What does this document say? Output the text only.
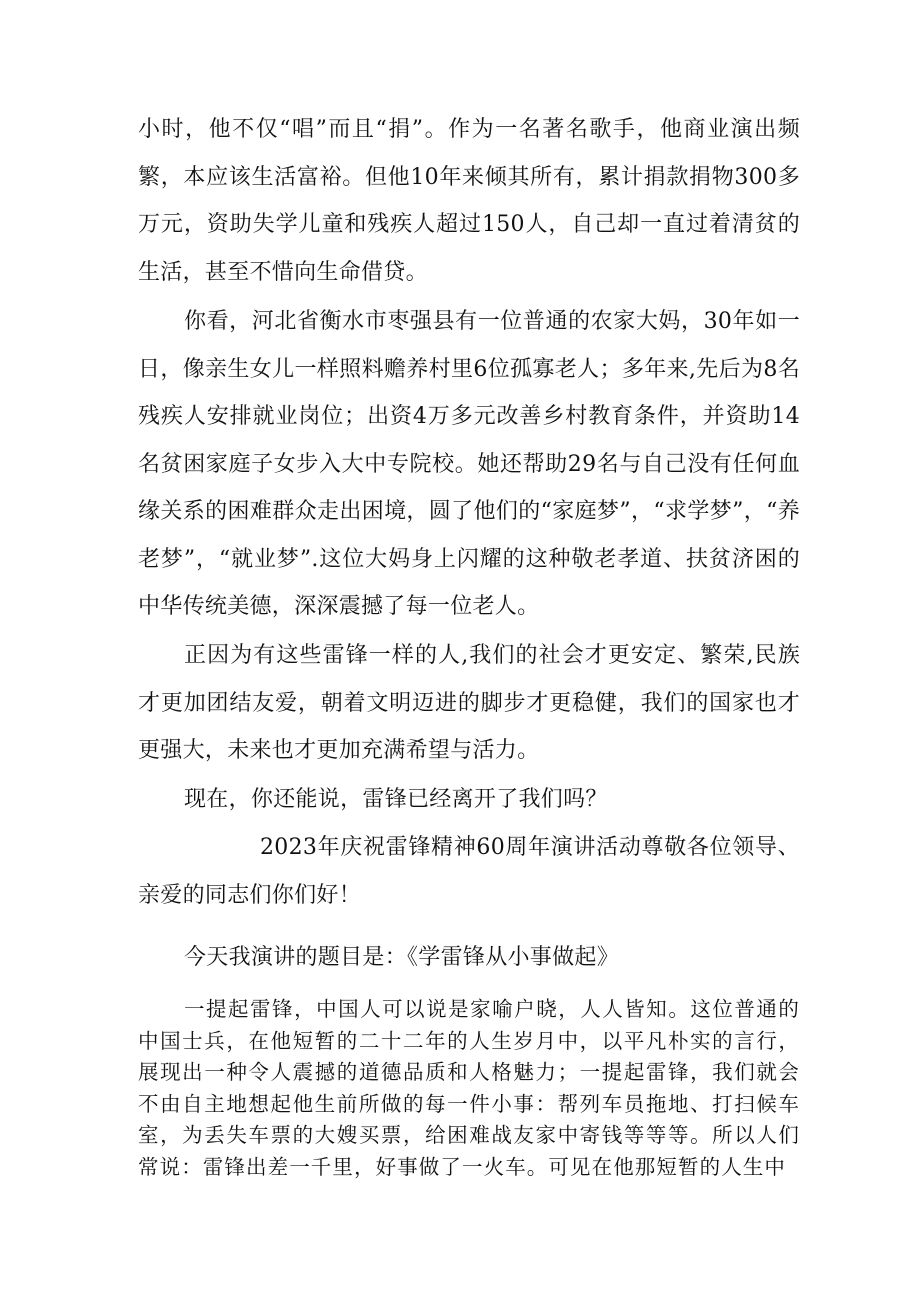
小时，他不仅“唱”而且“捐”。作为一名著名歌手，他商业演出频繁，本应该生活富裕。但他10年来倾其所有，累计捐款捐物300多万元，资助失学儿童和残疾人超过150人，自己却一直过着清贫的生活，甚至不惜向生命借贷。

你看，河北省衡水市枣强县有一位普通的农家大妈，30年如一日，像亲生女儿一样照料赡养村里6位孤寡老人；多年来,先后为8名残疾人安排就业岗位；出资4万多元改善乡村教育条件，并资助14名贫困家庭子女步入大中专院校。她还帮助29名与自己没有任何血缘关系的困难群众走出困境，圆了他们的“家庭梦”，“求学梦”，“养老梦”，“就业梦”.这位大妈身上闪耀的这种敬老孝道、扶贫济困的中华传统美德，深深震撼了每一位老人。

正因为有这些雷锋一样的人,我们的社会才更安定、繁荣,民族才更加团结友爱，朝着文明迈进的脚步才更稳健，我们的国家也才更强大，未来也才更加充满希望与活力。

现在，你还能说，雷锋已经离开了我们吗？

2023年庆祝雷锋精神60周年演讲活动尊敬各位领导、亲爱的同志们你们好！

今天我演讲的题目是：《学雷锋从小事做起》

一提起雷锋，中国人可以说是家喻户晓，人人皆知。这位普通的中国士兵，在他短暂的二十二年的人生岁月中，以平凡朴实的言行，展现出一种令人震撼的道德品质和人格魅力；一提起雷锋，我们就会不由自主地想起他生前所做的每一件小事：帮列车员拖地、打扫候车室，为丢失车票的大嫂买票，给困难战友家中寄钱等等等。所以人们常说：雷锋出差一千里，好事做了一火车。可见在他那短暂的人生中
